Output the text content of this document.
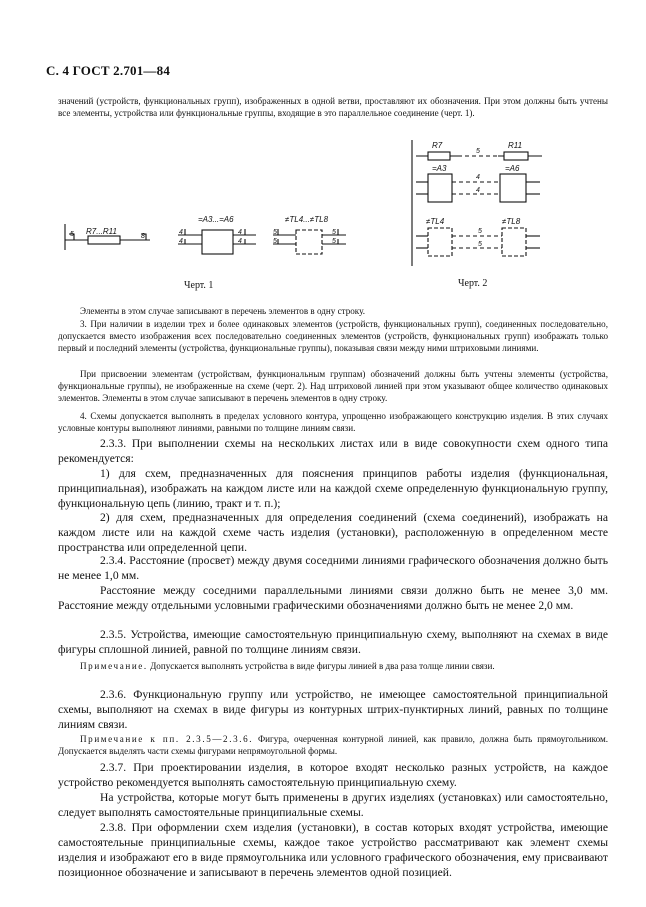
С. 4 ГОСТ 2.701—84
значений (устройств, функциональных групп), изображенных в одной ветви, проставляют их обозначения. При этом должны быть учтены все элементы, устройства или функциональные группы, входящие в это параллельное соединение (черт. 1).
5 R7...R11
8
4
4
4
4
=A3...=A6
5
5
5
5
≠TL4...≠TL8
Черт. 1
R7	R11
5
=A3	=A6
4
4
≠TL4	≠TL8
5
5
Черт. 2
Элементы в этом случае записывают в перечень элементов в одну строку.
3. При наличии в изделии трех и более одинаковых элементов (устройств, функциональных групп), соединенных последовательно, допускается вместо изображения всех последовательно соединенных элементов (устройств, функциональных групп) изображать только первый и последний элементы (устройства, функциональные группы), показывая связи между ними штриховыми линиями.
При присвоении элементам (устройствам, функциональным группам) обозначений должны быть учтены элементы (устройства, функциональные группы), не изображенные на схеме (черт. 2). Над штриховой линией при этом указывают общее количество одинаковых элементов. Элементы в этом случае записывают в перечень элементов в одну строку.
4. Схемы допускается выполнять в пределах условного контура, упрощенно изображающего конструкцию изделия. В этих случаях условные контуры выполняют линиями, равными по толщине линиям связи.
2.3.3. При выполнении схемы на нескольких листах или в виде совокупности схем одного типа рекомендуется:
1) для схем, предназначенных для пояснения принципов работы изделия (функциональная, принципиальная), изображать на каждом листе или на каждой схеме определенную функциональную группу, функциональную цепь (линию, тракт и т. п.);
2) для схем, предназначенных для определения соединений (схема соединений), изображать на каждом листе или на каждой схеме часть изделия (установки), расположенную в определенном месте пространства или определенной цепи.
2.3.4. Расстояние (просвет) между двумя соседними линиями графического обозначения должно быть не менее 1,0 мм.
Расстояние между соседними параллельными линиями связи должно быть не менее 3,0 мм. Расстояние между отдельными условными графическими обозначениями должно быть не менее 2,0 мм.
2.3.5. Устройства, имеющие самостоятельную принципиальную схему, выполняют на схемах в виде фигуры сплошной линией, равной по толщине линиям связи.
Примечание. Допускается выполнять устройства в виде фигуры линией в два раза толще линии связи.
2.3.6. Функциональную группу или устройство, не имеющее самостоятельной принципиальной схемы, выполняют на схемах в виде фигуры из контурных штрих-пунктирных линий, равных по толщине линиям связи.
Примечание к пп. 2.3.5—2.3.6. Фигура, очерченная контурной линией, как правило, должна быть прямоугольником. Допускается выделять части схемы фигурами непрямоугольной формы.
2.3.7. При проектировании изделия, в которое входят несколько разных устройств, на каждое устройство рекомендуется выполнять самостоятельную принципиальную схему.
На устройства, которые могут быть применены в других изделиях (установках) или самостоятельно, следует выполнять самостоятельные принципиальные схемы.
2.3.8. При оформлении схем изделия (установки), в состав которых входят устройства, имеющие самостоятельные принципиальные схемы, каждое такое устройство рассматривают как элемент схемы изделия и изображают его в виде прямоугольника или условного графического обозначения, ему присваивают позиционное обозначение и записывают в перечень элементов одной позицией.
